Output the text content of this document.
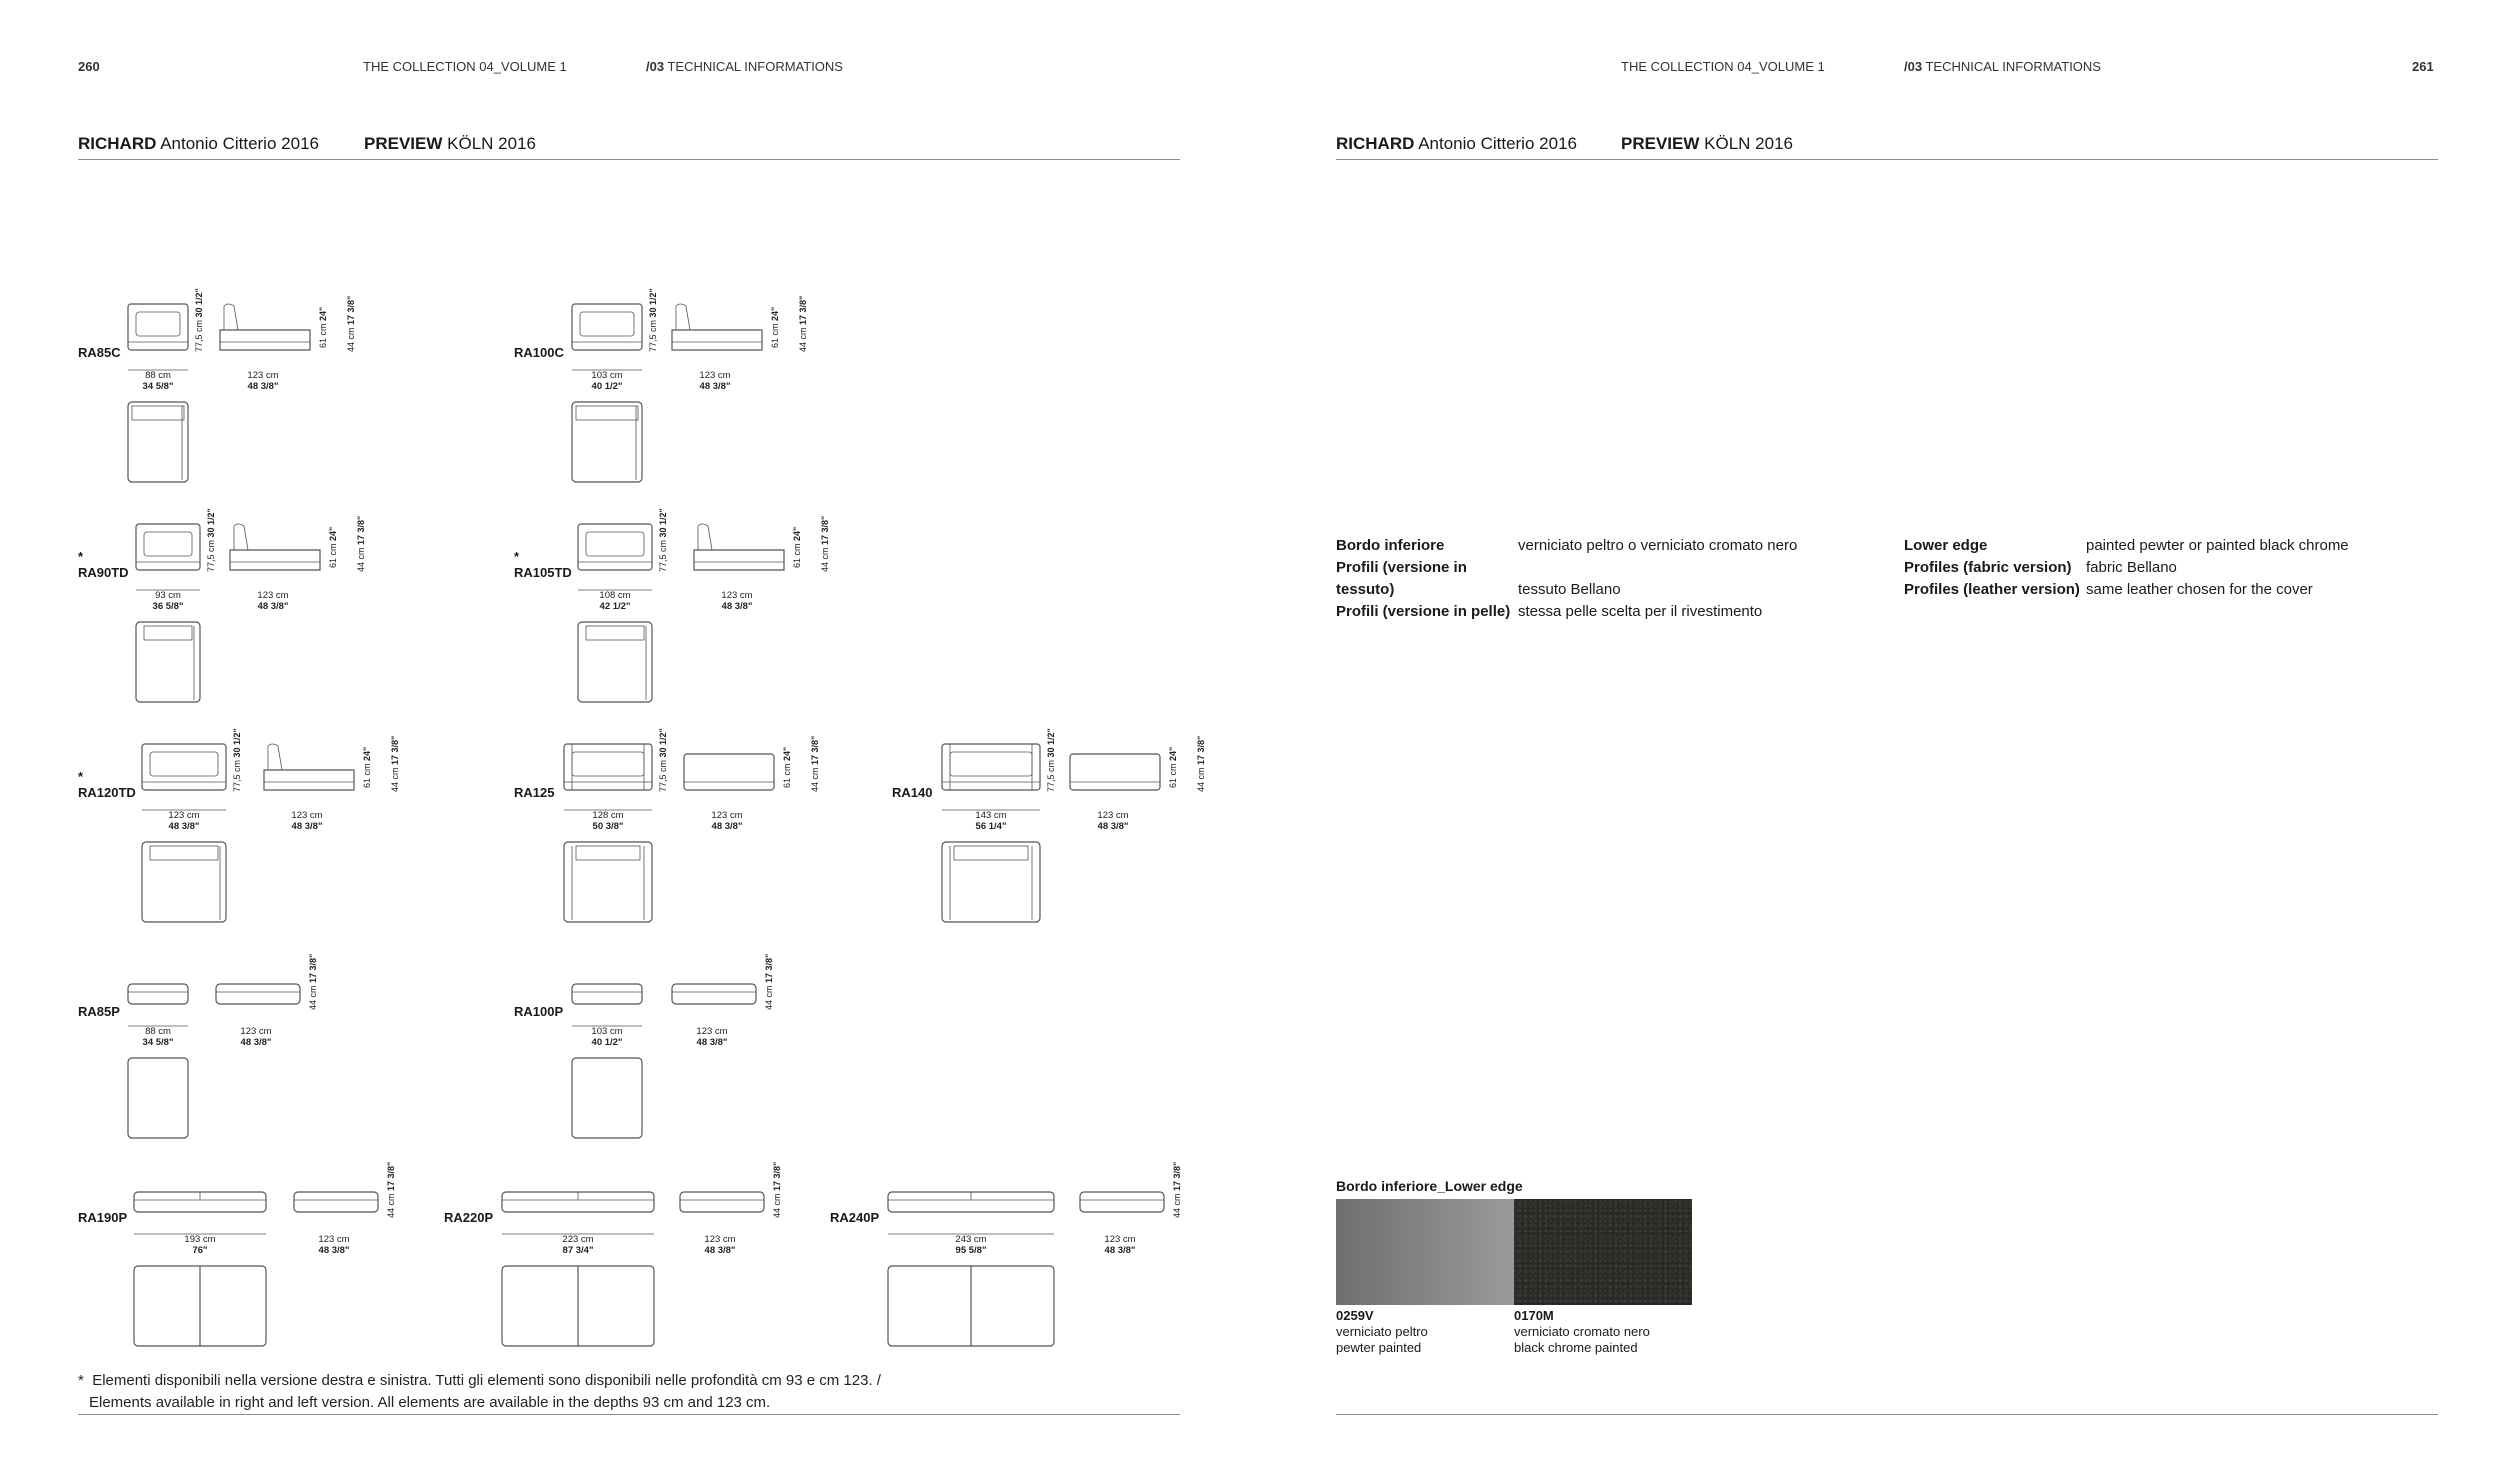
260	THE COLLECTION 04_VOLUME 1	/03 TECHNICAL INFORMATIONS
RICHARD Antonio Citterio 2016	PREVIEW KÖLN 2016
THE COLLECTION 04_VOLUME 1	/03 TECHNICAL INFORMATIONS	261
RICHARD Antonio Citterio 2016	PREVIEW KÖLN 2016
RA85C
77,5 cm 30 1/2"
61 cm 24"
44 cm 17 3/8"
88 cm
34 5/8"
123 cm
48 3/8"
RA100C
77,5 cm 30 1/2"
61 cm 24"
44 cm 17 3/8"
103 cm
40 1/2"
123 cm
48 3/8"
RA90TD
*	77,5 cm 30 1/2"
61 cm 24"
44 cm 17 3/8"
93 cm
36 5/8"
123 cm
48 3/8"
RA105TD
*	77,5 cm 30 1/2"
61 cm 24"
44 cm 17 3/8"
108 cm
42 1/2"
123 cm
48 3/8"
RA120TD
*	77,5 cm 30 1/2"
61 cm 24"
44 cm 17 3/8"
123 cm
48 3/8"
123 cm
48 3/8"
RA125
77,5 cm 30 1/2"
61 cm 24"
44 cm 17 3/8"
128 cm
50 3/8"
123 cm
48 3/8"
RA140
77,5 cm 30 1/2"
61 cm 24"
44 cm 17 3/8"
143 cm
56 1/4"
123 cm
48 3/8"
RA85P
44 cm 17 3/8"
88 cm
34 5/8"
123 cm
48 3/8"
RA100P
44 cm 17 3/8"
103 cm
40 1/2"
123 cm
48 3/8"
RA190P	44 cm 17 3/8"
193 cm
76"
123 cm
48 3/8"
RA220P	44 cm 17 3/8"
223 cm
87 3/4"
123 cm
48 3/8"
RA240P	44 cm 17 3/8"
243 cm
95 5/8"
123 cm
48 3/8"
* Elementi disponibili nella versione destra e sinistra. Tutti gli elementi sono disponibili nelle profondità cm 93 e cm 123. /
Elements available in right and left version. All elements are available in the depths 93 cm and 123 cm.
Bordo inferiore	verniciato peltro o verniciato cromato nero
Profili (versione in tessuto)	tessuto Bellano
Profili (versione in pelle) stessa pelle scelta per il rivestimento
Lower edge	painted pewter or painted black chrome
Profiles (fabric version) fabric Bellano
Profiles (leather version) same leather chosen for the cover
Bordo inferiore_Lower edge
0259V
verniciato peltro
pewter painted
0170M
verniciato cromato nero
black chrome painted
